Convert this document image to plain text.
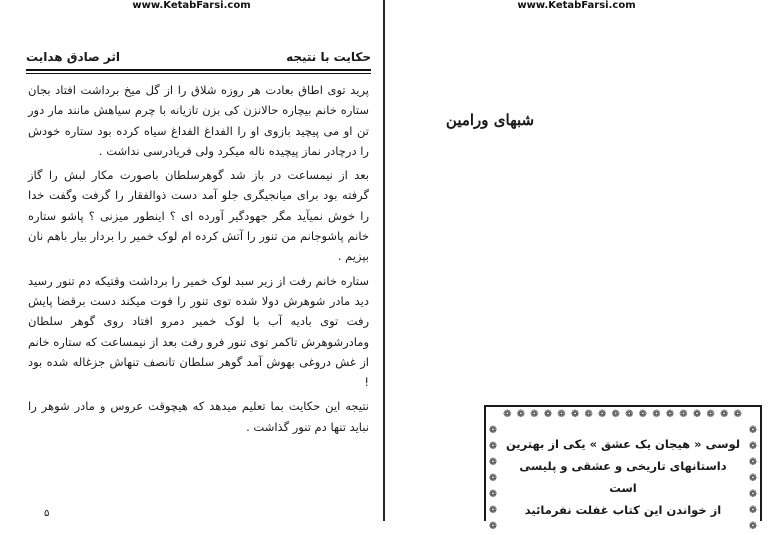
www.KetabFarsi.com
حکایت با نتیجه
اثر صادق هدایت

پرید توی اطاق بعادت هر روزه شلاق را از گل میخ برداشت افتاد بجان ستاره خانم بیچاره حالانزن کی بزن تازیانه با چرم سیاهش مانند مار دور تن او می پیچید بازوی او را الفداغ الفداغ سیاه کرده بود ستاره خودش را درچادر نماز پیچیده ناله میکرد ولی فریادرسی نداشت .

بعد از نیمساعت در باز شد گوهرسلطان باصورت مکار لبش را گاز گرفته بود برای میانجیگری جلو آمد دست ذوالفقار را گرفت وگفت خدا را خوش نمیآید مگر جهودگیر آورده ای ؟ اینطور میزنی ؟ پاشو ستاره خانم پاشوجانم من تنور را آتش کرده ام لوک خمیر را بردار بیار باهم نان بپزیم .

ستاره خانم رفت از زیر سبد لوک خمیر را برداشت وقتیکه دم تنور رسید دید مادر شوهرش دولا شده توی تنور را فوت میکند دست برقضا پایش رفت توی بادیه آب با لوک خمیر دمرو افتاد روی گوهر سلطان ومادرشوهرش تاکمر توی تنور فرو رفت بعد از نیمساعت که ستاره خانم از غش دروغی بهوش آمد گوهر سلطان تانصف تنهاش جزغاله شده بود !

نتیجه این حکایت بما تعلیم میدهد که هیچوقت عروس و مادر شوهر را نباید تنها دم تنور گذاشت .

۵
www.KetabFarsi.com
شبهای ورامین
❁ ❁ ❁ ❁ ❁ ❁ ❁ ❁ ❁ ❁ ❁ ❁ ❁ ❁ ❁ ❁ ❁ ❁
❁❁❁❁❁❁❁
❁❁❁❁❁❁❁
لوسی « هیجان یک عشق » یکی از بهترین
داستانهای تاریخی و عشقی و پلیسی است
از خواندن این کتاب غفلت نفرمائید
